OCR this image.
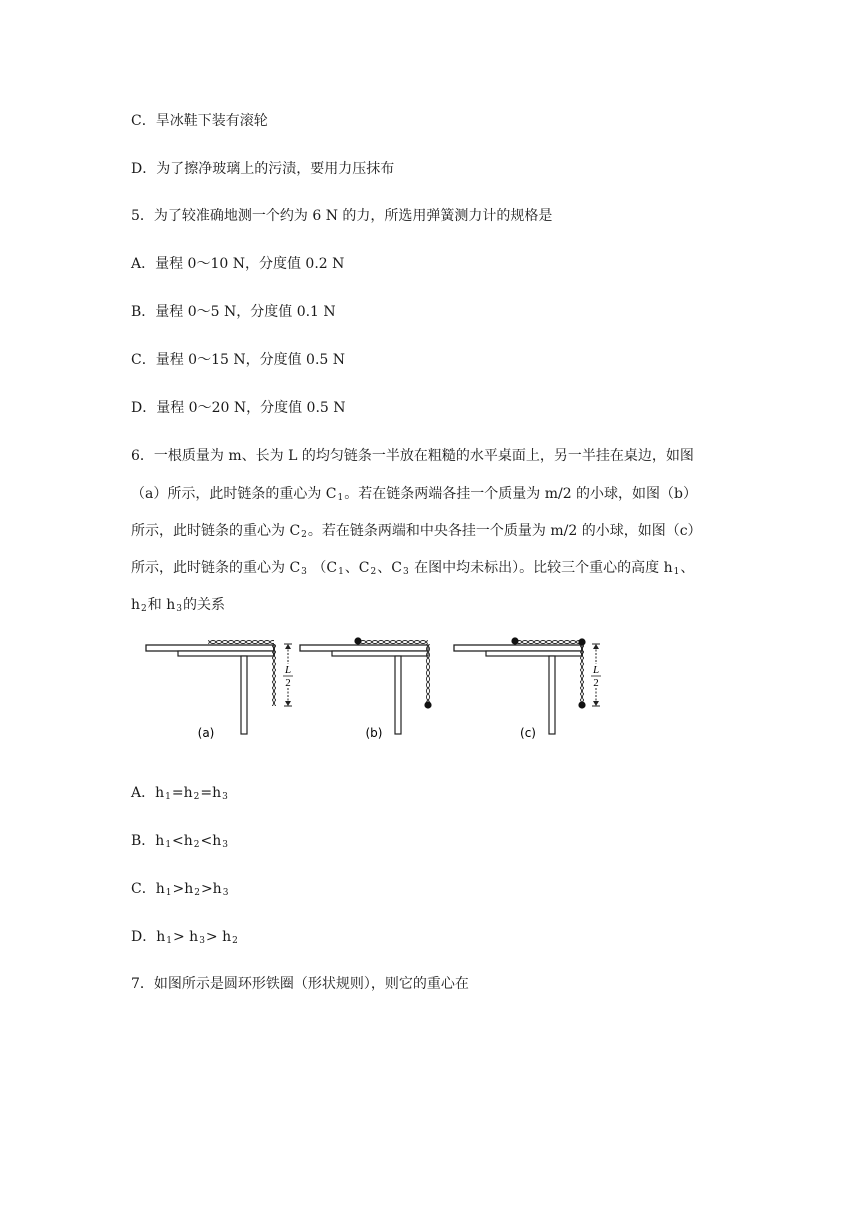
C．旱冰鞋下装有滚轮

D．为了擦净玻璃上的污渍，要用力压抹布

5．为了较准确地测一个约为 6 N 的力，所选用弹簧测力计的规格是

A．量程 0～10 N，分度值 0.2 N

B．量程 0～5 N，分度值 0.1 N

C．量程 0～15 N，分度值 0.5 N

D．量程 0～20 N，分度值 0.5 N

6．一根质量为 m、长为 L 的均匀链条一半放在粗糙的水平桌面上，另一半挂在桌边，如图

（a）所示，此时链条的重心为 $C_1$。若在链条两端各挂一个质量为 m/2 的小球，如图（b）

所示，此时链条的重心为 $C_2$。若在链条两端和中央各挂一个质量为 m/2 的小球，如图（c）

所示，此时链条的重心为 $C_3$ （$C_1$、$C_2$、$C_3$ 在图中均未标出）。比较三个重心的高度 $h_1$、

$h_2$和 $h_3$的关系

L
2
(a)	(b)
L
2
(c)

A．$h_1=h_2=h_3$

B．$h_1<h_2<h_3$

C．$h_1>h_2>h_3$

D．$h_1> h_3> h_2$

7．如图所示是圆环形铁圈（形状规则），则它的重心在
